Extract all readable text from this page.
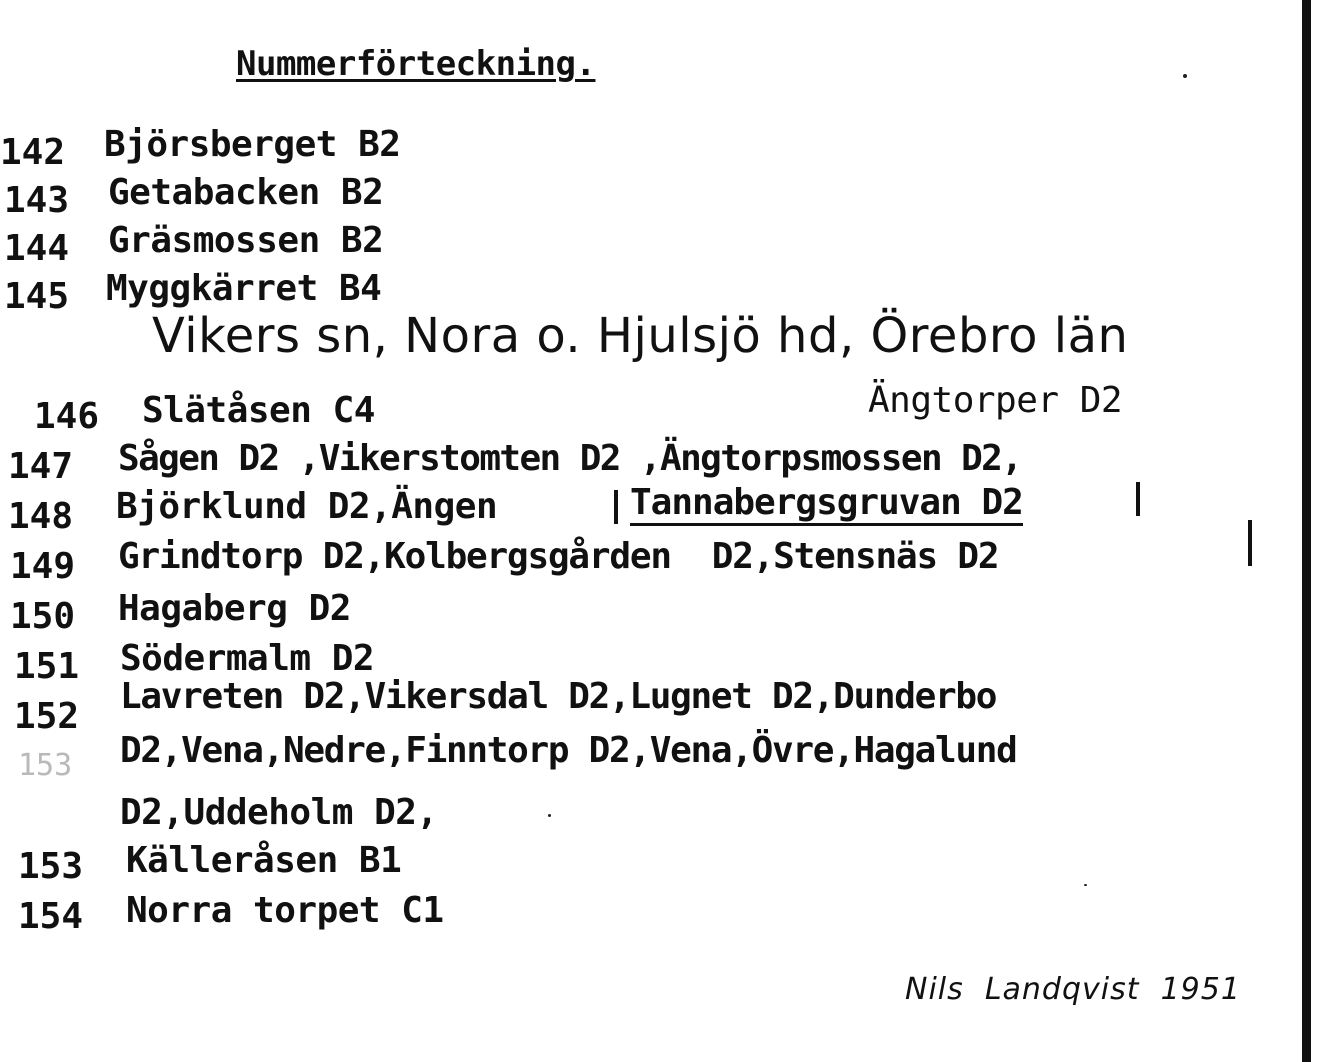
Nummerförteckning.
142 Björsberget B2
143 Getabacken B2
144 Gräsmossen B2
145 Myggkärret B4
Vikers sn, Nora o. Hjulsjö hd, Örebro län
Ängtorper D2
146 Slätåsen C4
147 Sågen D2 ,Vikerstomten D2 ,Ängtorpsmossen D2,
148 Björklund D2,Ängen	Tannabergsgruvan D2
149 Grindtorp D2,Kolbergsgården  D2,Stensnäs D2
150 Hagaberg D2
151 Södermalm D2
152 Lavreten D2,Vikersdal D2,Lugnet D2,Dunderbo
153 D2,Vena,Nedre,Finntorp D2,Vena,Övre,Hagalund
D2,Uddeholm D2,
153 Källeråsen B1
154 Norra torpet C1
Nils  Landqvist  1951
